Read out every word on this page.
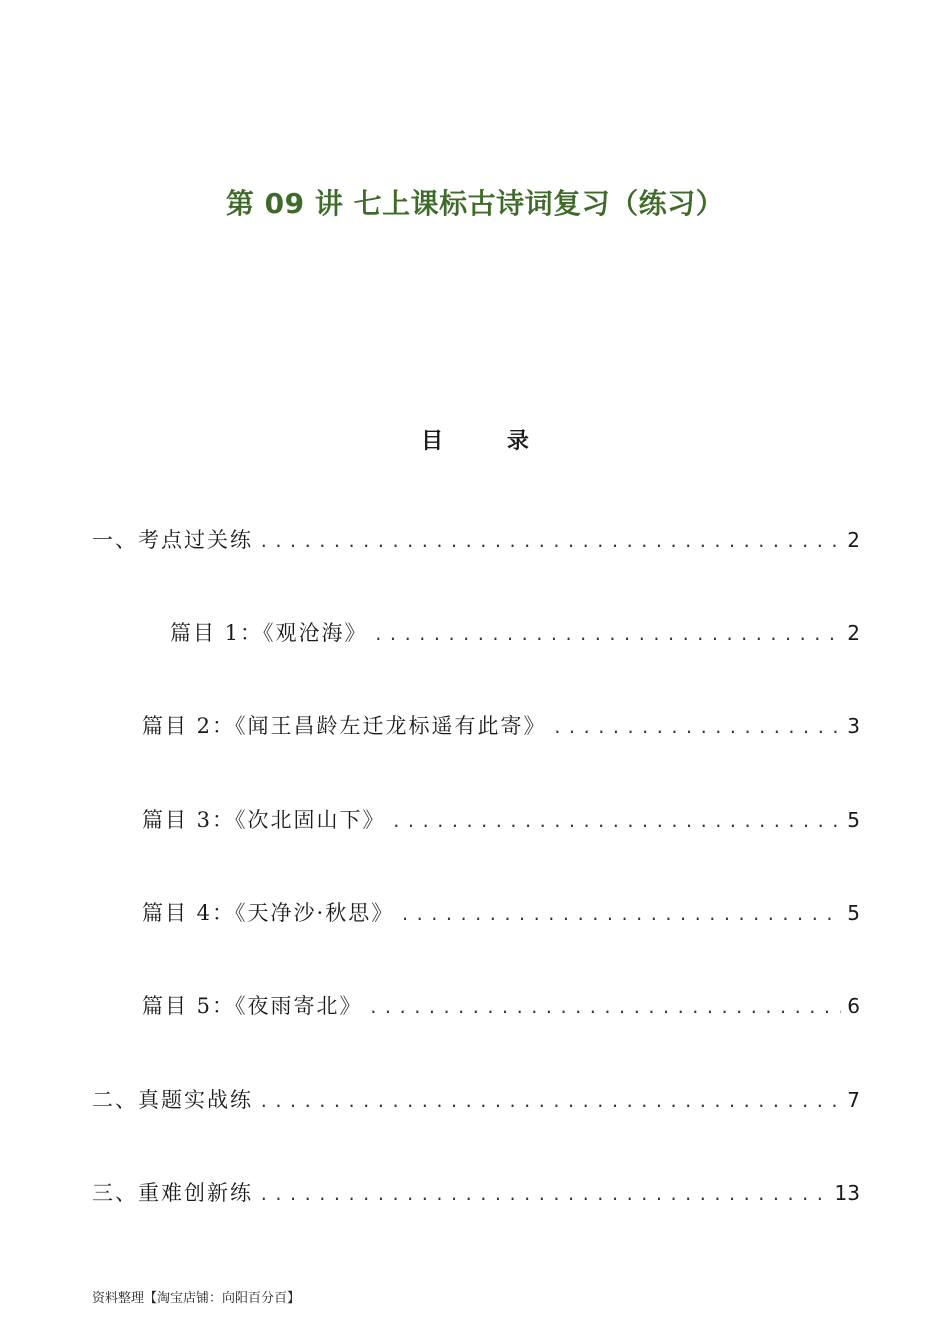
第 09 讲 七上课标古诗词复习（练习）
目 录
一、考点过关练 .....	2
篇目 1：《观沧海》 .....	2
篇目 2：《闻王昌龄左迁龙标遥有此寄》 .....	3
篇目 3：《次北固山下》 .....	5
篇目 4：《天净沙·秋思》 .....	5
篇目 5：《夜雨寄北》 .....	6
二、真题实战练 .....	7
三、重难创新练 .....	13
资料整理【淘宝店铺：向阳百分百】
